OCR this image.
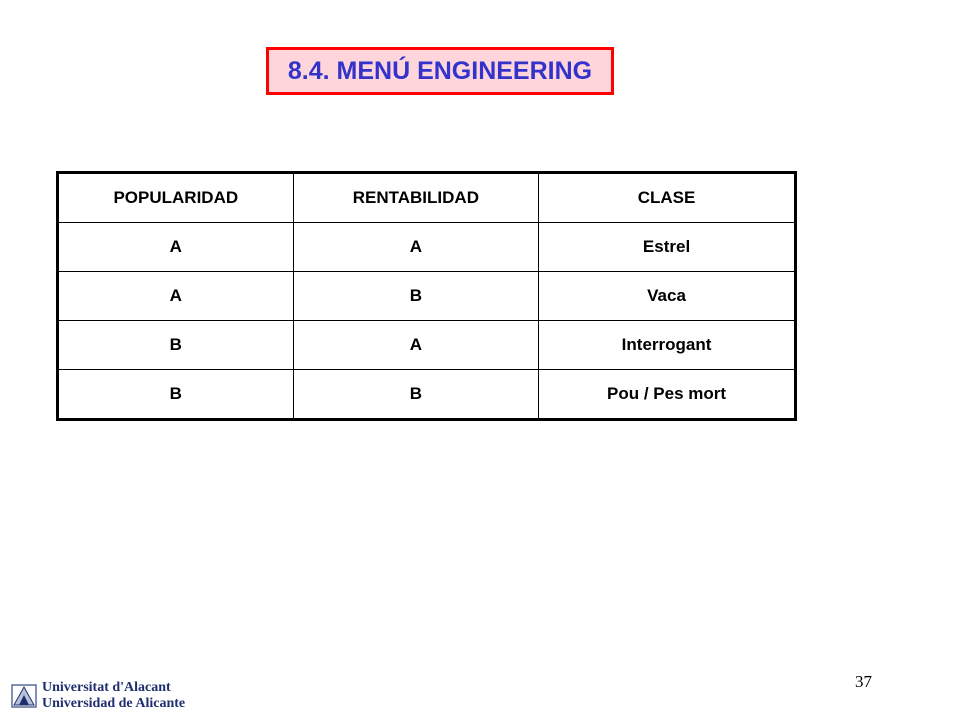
8.4. MENÚ ENGINEERING
POPULARIDAD	RENTABILIDAD	CLASE
A	A	Estrel
A	B	Vaca
B	A	Interrogant
B	B	Pou / Pes mort
37
Universitat d'Alacant
Universidad de Alicante
